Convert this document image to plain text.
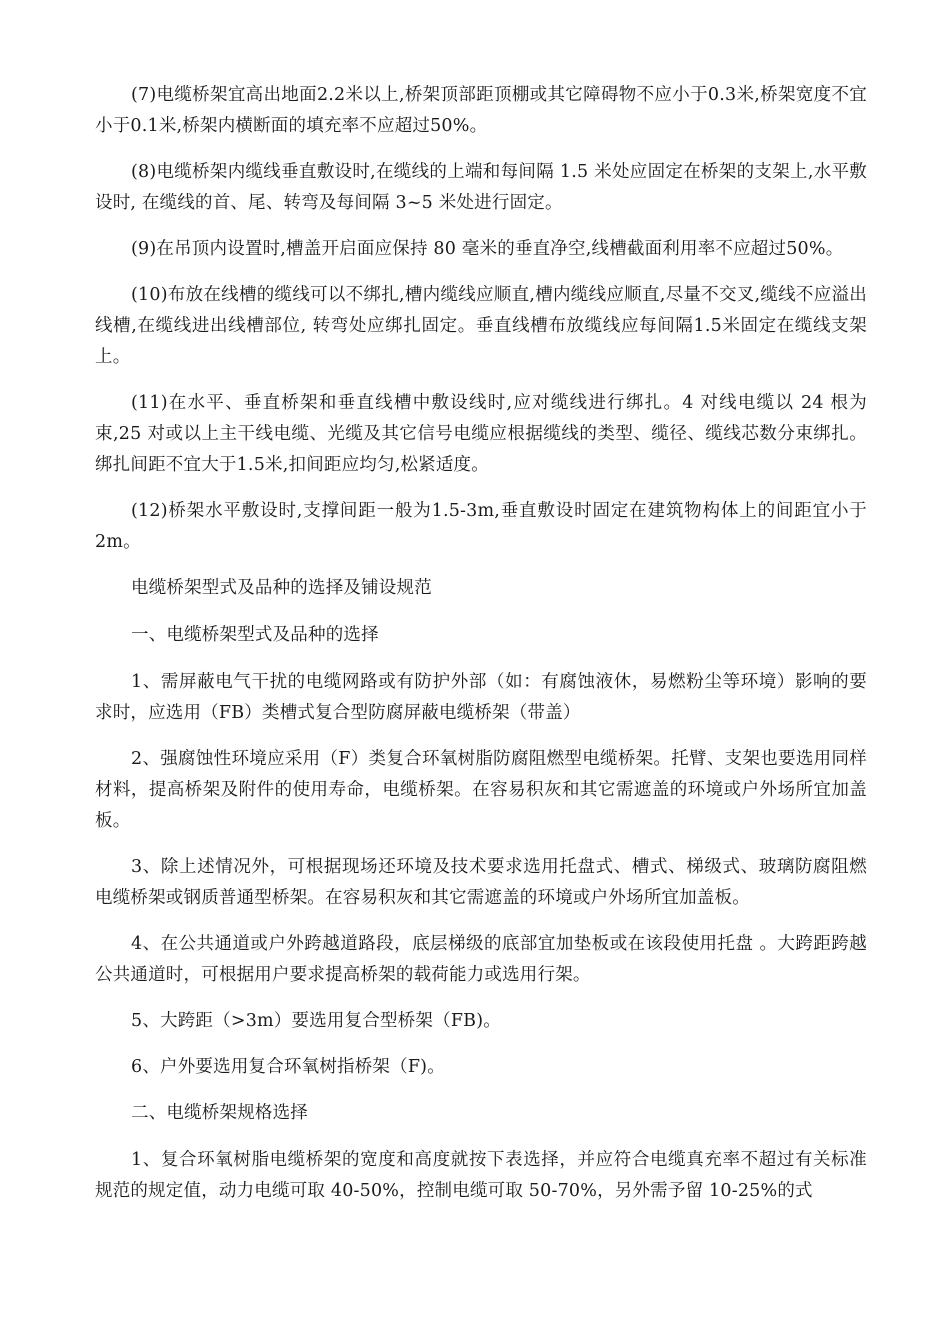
(7)电缆桥架宜高出地面2.2米以上,桥架顶部距顶棚或其它障碍物不应小于0.3米,桥架宽度不宜小于0.1米,桥架内横断面的填充率不应超过50%。

(8)电缆桥架内缆线垂直敷设时,在缆线的上端和每间隔 1.5 米处应固定在桥架的支架上,水平敷设时, 在缆线的首、尾、转弯及每间隔 3~5 米处进行固定。

(9)在吊顶内设置时,槽盖开启面应保持 80 毫米的垂直净空,线槽截面利用率不应超过50%。

(10)布放在线槽的缆线可以不绑扎,槽内缆线应顺直,槽内缆线应顺直,尽量不交叉,缆线不应溢出线槽,在缆线进出线槽部位, 转弯处应绑扎固定。垂直线槽布放缆线应每间隔1.5米固定在缆线支架上。

(11)在水平、垂直桥架和垂直线槽中敷设线时,应对缆线进行绑扎。4 对线电缆以 24 根为束,25 对或以上主干线电缆、光缆及其它信号电缆应根据缆线的类型、缆径、缆线芯数分束绑扎。绑扎间距不宜大于1.5米,扣间距应均匀,松紧适度。

(12)桥架水平敷设时,支撑间距一般为1.5-3m,垂直敷设时固定在建筑物构体上的间距宜小于2m。

电缆桥架型式及品种的选择及铺设规范

一、电缆桥架型式及品种的选择

1、需屏蔽电气干扰的电缆网路或有防护外部（如：有腐蚀液休，易燃粉尘等环境）影响的要求时，应选用（FB）类槽式复合型防腐屏蔽电缆桥架（带盖）

2、强腐蚀性环境应采用（F）类复合环氧树脂防腐阻燃型电缆桥架。托臂、支架也要选用同样材料，提高桥架及附件的使用寿命，电缆桥架。在容易积灰和其它需遮盖的环境或户外场所宜加盖板。

3、除上述情况外，可根据现场还环境及技术要求选用托盘式、槽式、梯级式、玻璃防腐阻燃电缆桥架或钢质普通型桥架。在容易积灰和其它需遮盖的环境或户外场所宜加盖板。

4、在公共通道或户外跨越道路段，底层梯级的底部宜加垫板或在该段使用托盘 。大跨距跨越公共通道时，可根据用户要求提高桥架的载荷能力或选用行架。

5、大跨距（>3m）要选用复合型桥架（FB)。

6、户外要选用复合环氧树指桥架（F)。

二、电缆桥架规格选择

1、复合环氧树脂电缆桥架的宽度和高度就按下表选择，并应符合电缆真充率不超过有关标准规范的规定值，动力电缆可取 40-50%，控制电缆可取 50-70%，另外需予留 10-25%的式
